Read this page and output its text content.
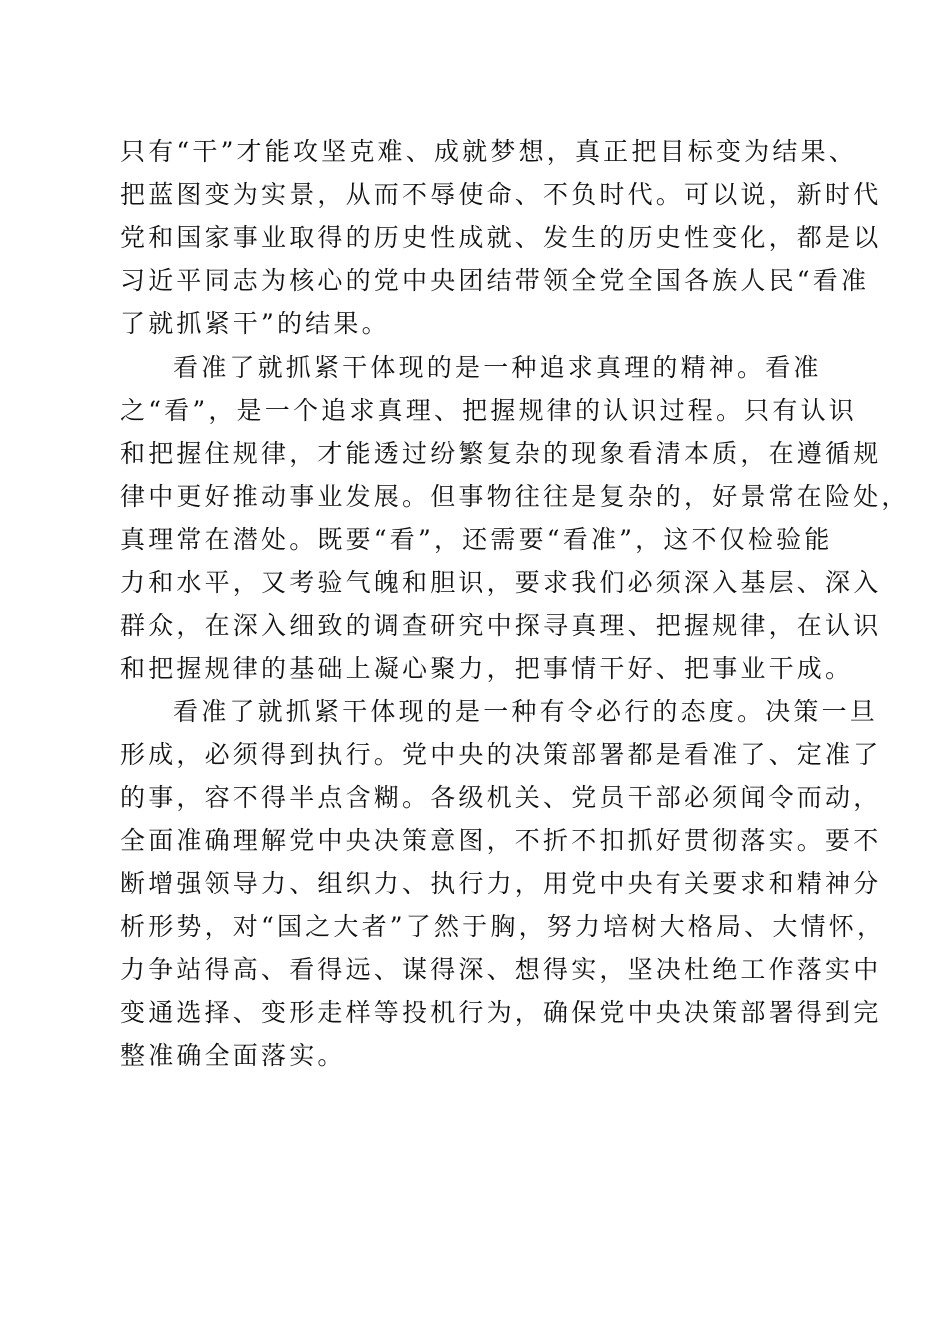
只有“干”才能攻坚克难、成就梦想，真正把目标变为结果、
把蓝图变为实景，从而不辱使命、不负时代。可以说，新时代
党和国家事业取得的历史性成就、发生的历史性变化，都是以
习近平同志为核心的党中央团结带领全党全国各族人民“看准
了就抓紧干”的结果。
看准了就抓紧干体现的是一种追求真理的精神。看准
之“看”，是一个追求真理、把握规律的认识过程。只有认识
和把握住规律，才能透过纷繁复杂的现象看清本质，在遵循规
律中更好推动事业发展。但事物往往是复杂的，好景常在险处，
真理常在潜处。既要“看”，还需要“看准”，这不仅检验能
力和水平，又考验气魄和胆识，要求我们必须深入基层、深入
群众，在深入细致的调查研究中探寻真理、把握规律，在认识
和把握规律的基础上凝心聚力，把事情干好、把事业干成。
看准了就抓紧干体现的是一种有令必行的态度。决策一旦
形成，必须得到执行。党中央的决策部署都是看准了、定准了
的事，容不得半点含糊。各级机关、党员干部必须闻令而动，
全面准确理解党中央决策意图，不折不扣抓好贯彻落实。要不
断增强领导力、组织力、执行力，用党中央有关要求和精神分
析形势，对“国之大者”了然于胸，努力培树大格局、大情怀，
力争站得高、看得远、谋得深、想得实，坚决杜绝工作落实中
变通选择、变形走样等投机行为，确保党中央决策部署得到完
整准确全面落实。
